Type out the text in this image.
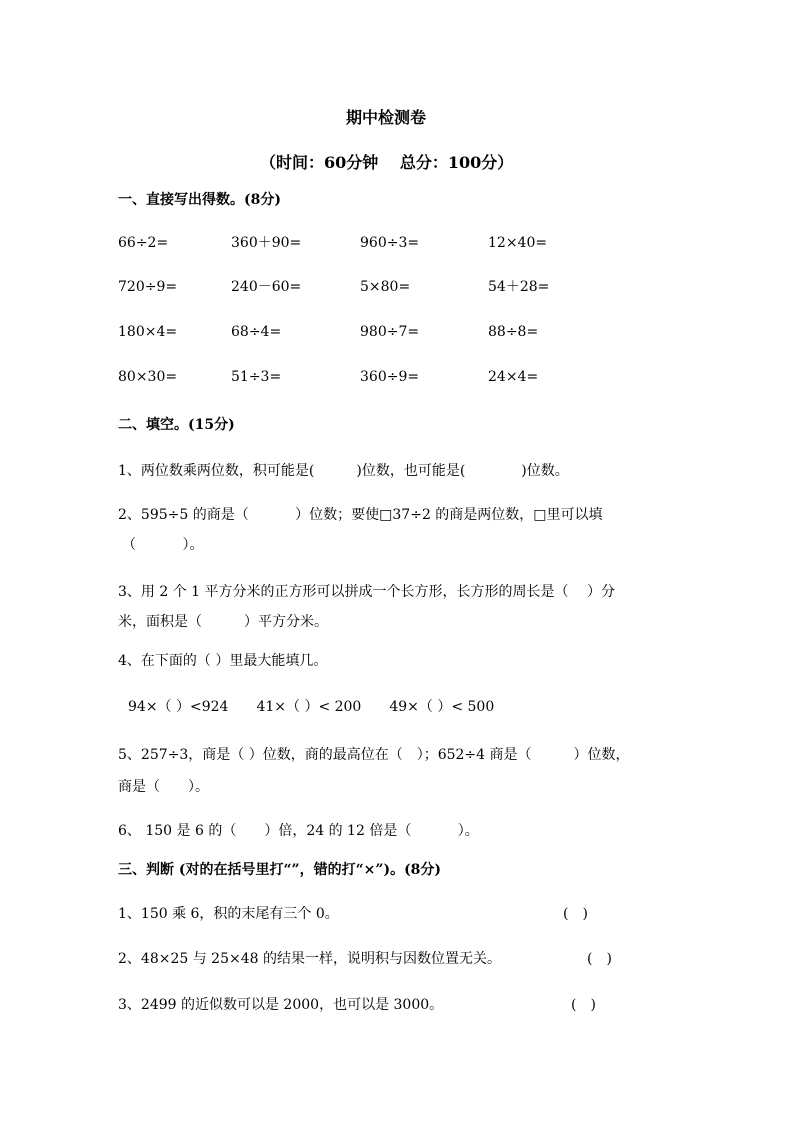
期中检测卷
（时间：60分钟　 总分：100分）
一、直接写出得数。(8分)
66÷2=	360＋90=	960÷3=	12×40=
720÷9=	240－60=	5×80=	54＋28=
180×4=	68÷4=	980÷7=	88÷8=
80×30=	51÷3=	360÷9=	24×4=
二、填空。(15分)
1、两位数乘两位数，积可能是(　　　)位数，也可能是(　　　　)位数。
2、595÷5 的商是（　　　 ）位数；要使□37÷2 的商是两位数，□里可以填
（　　　 ）。
3、用 2 个 1 平方分米的正方形可以拼成一个长方形，长方形的周长是（　 ）分
米，面积是（　　　）平方分米。
4、在下面的（ ）里最大能填几。
94×（ ）<924　　41×（ ）< 200　　49×（ ）< 500
5、257÷3，商是（ ）位数，商的最高位在（　）；652÷4 商是（　　　）位数，
商是（　　）。
6、 150 是 6 的（　　）倍，24 的 12 倍是（　　　 ）。
三、判断 (对的在括号里打“”，错的打“×”)。(8分)
1、150 乘 6，积的末尾有三个 0。	(　)
2、48×25 与 25×48 的结果一样，说明积与因数位置无关。	(　)
3、2499 的近似数可以是 2000，也可以是 3000。	(　)
